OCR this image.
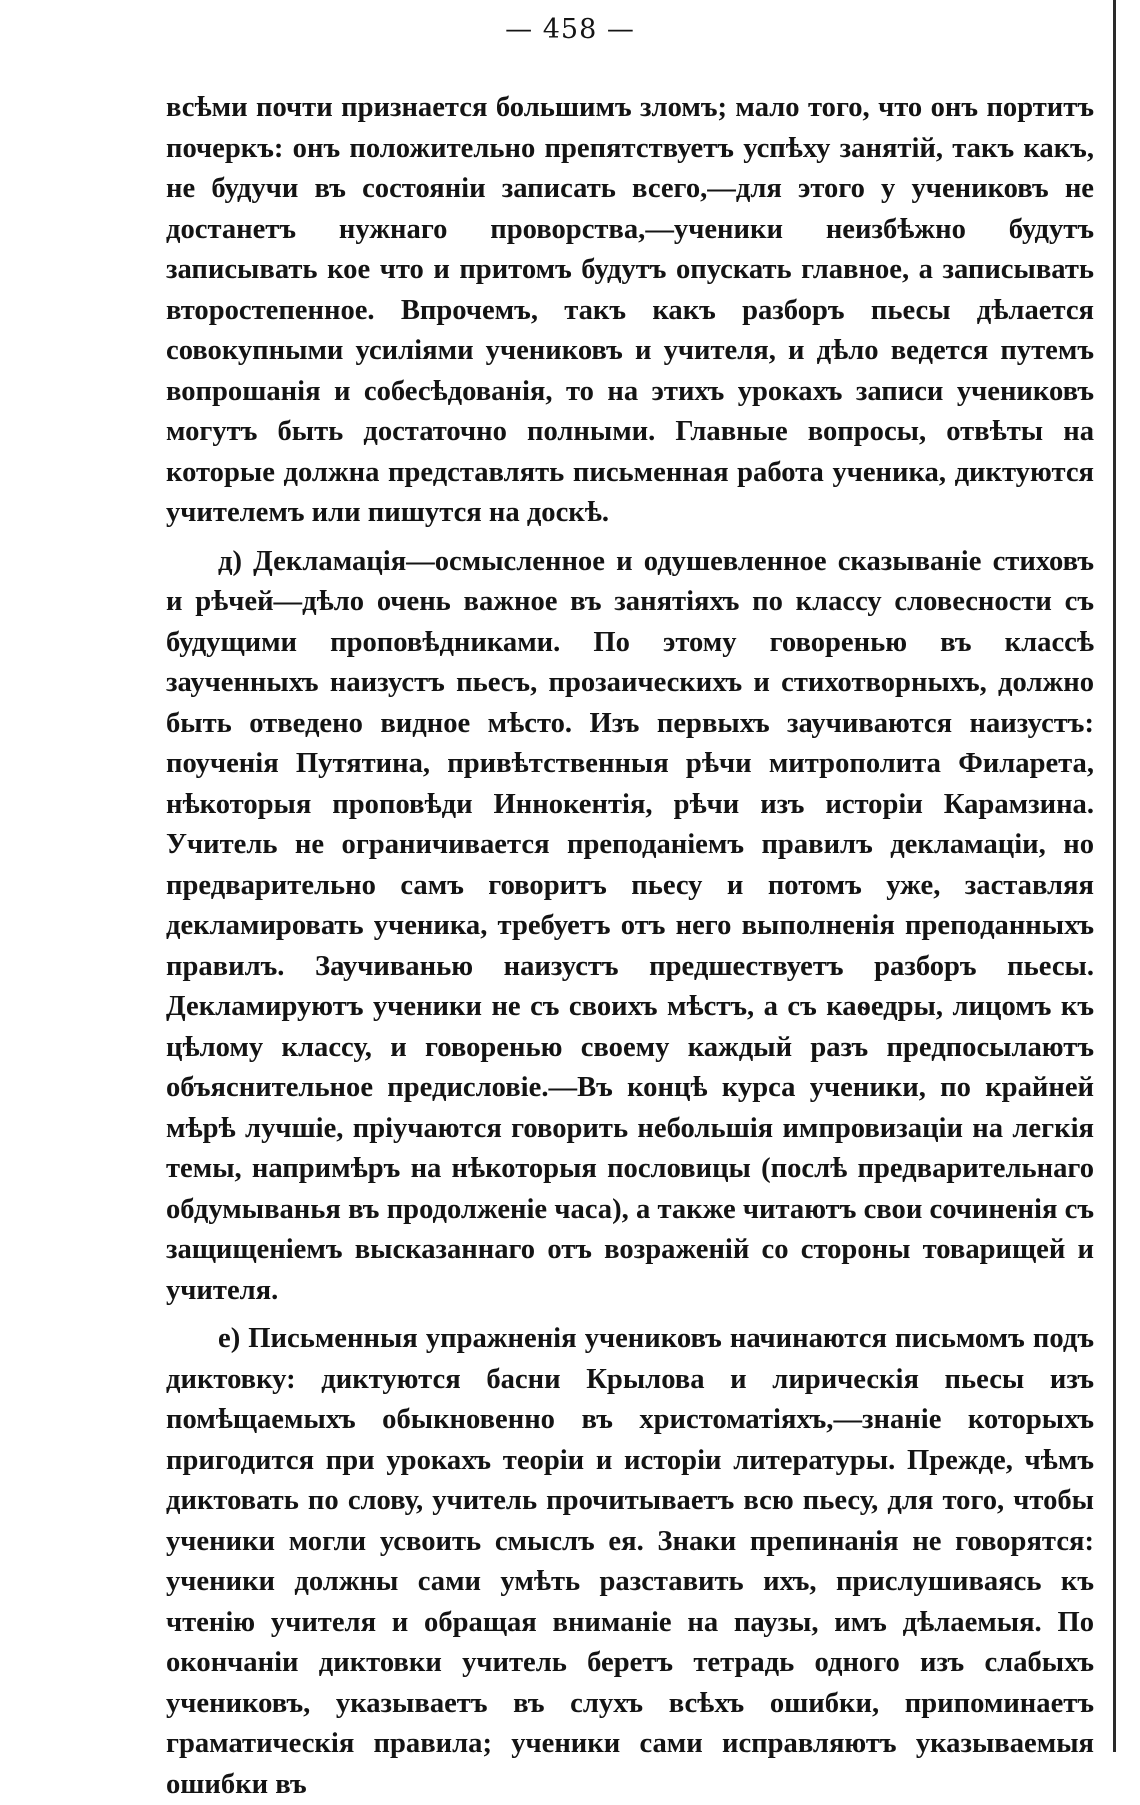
— 458 —

всѣми почти признается большимъ зломъ; мало того, что онъ портитъ почеркъ: онъ положительно препятствуетъ успѣху занятій, такъ какъ, не будучи въ состояніи записать всего,—для этого у учениковъ не достанетъ нужнаго проворства,—ученики неизбѣжно будутъ записывать кое что и притомъ будутъ опускать главное, а записывать второстепенное. Впрочемъ, такъ какъ разборъ пьесы дѣлается совокупными усиліями учениковъ и учителя, и дѣло ведется путемъ вопрошанія и собесѣдованія, то на этихъ урокахъ записи учениковъ могутъ быть достаточно полными. Главные вопросы, отвѣты на которые должна представлять письменная работа ученика, диктуются учителемъ или пишутся на доскѣ.

д) Декламація—осмысленное и одушевленное сказываніе стиховъ и рѣчей—дѣло очень важное въ занятіяхъ по классу словесности съ будущими проповѣдниками. По этому говоренью въ классѣ заученныхъ наизустъ пьесъ, прозаическихъ и стихотворныхъ, должно быть отведено видное мѣсто. Изъ первыхъ заучиваются наизустъ: поученія Путятина, привѣтственныя рѣчи митрополита Филарета, нѣкоторыя проповѣди Иннокентія, рѣчи изъ исторіи Карамзина. Учитель не ограничивается преподаніемъ правилъ декламаціи, но предварительно самъ говоритъ пьесу и потомъ уже, заставляя декламировать ученика, требуетъ отъ него выполненія преподанныхъ правилъ. Заучиванью наизустъ предшествуетъ разборъ пьесы. Декламируютъ ученики не съ своихъ мѣстъ, а съ каѳедры, лицомъ къ цѣлому классу, и говоренью своему каждый разъ предпосылаютъ объяснительное предисловіе.—Въ концѣ курса ученики, по крайней мѣрѣ лучшіе, пріучаются говорить небольшія импровизаціи на легкія темы, напримѣръ на нѣкоторыя пословицы (послѣ предварительнаго обдумыванья въ продолженіе часа), а также читаютъ свои сочиненія съ защищеніемъ высказаннаго отъ возраженій со стороны товарищей и учителя.

е) Письменныя упражненія учениковъ начинаются письмомъ подъ диктовку: диктуются басни Крылова и лирическія пьесы изъ помѣщаемыхъ обыкновенно въ христоматіяхъ,—знаніе которыхъ пригодится при урокахъ теоріи и исторіи литературы. Прежде, чѣмъ диктовать по слову, учитель прочитываетъ всю пьесу, для того, чтобы ученики могли усвоить смыслъ ея. Знаки препинанія не говорятся: ученики должны сами умѣть разставить ихъ, прислушиваясь къ чтенію учителя и обращая вниманіе на паузы, имъ дѣлаемыя. По окончаніи диктовки учитель беретъ тетрадь одного изъ слабыхъ учениковъ, указываетъ въ слухъ всѣхъ ошибки, припоминаетъ граматическія правила; ученики сами исправляютъ указываемыя ошибки въ
